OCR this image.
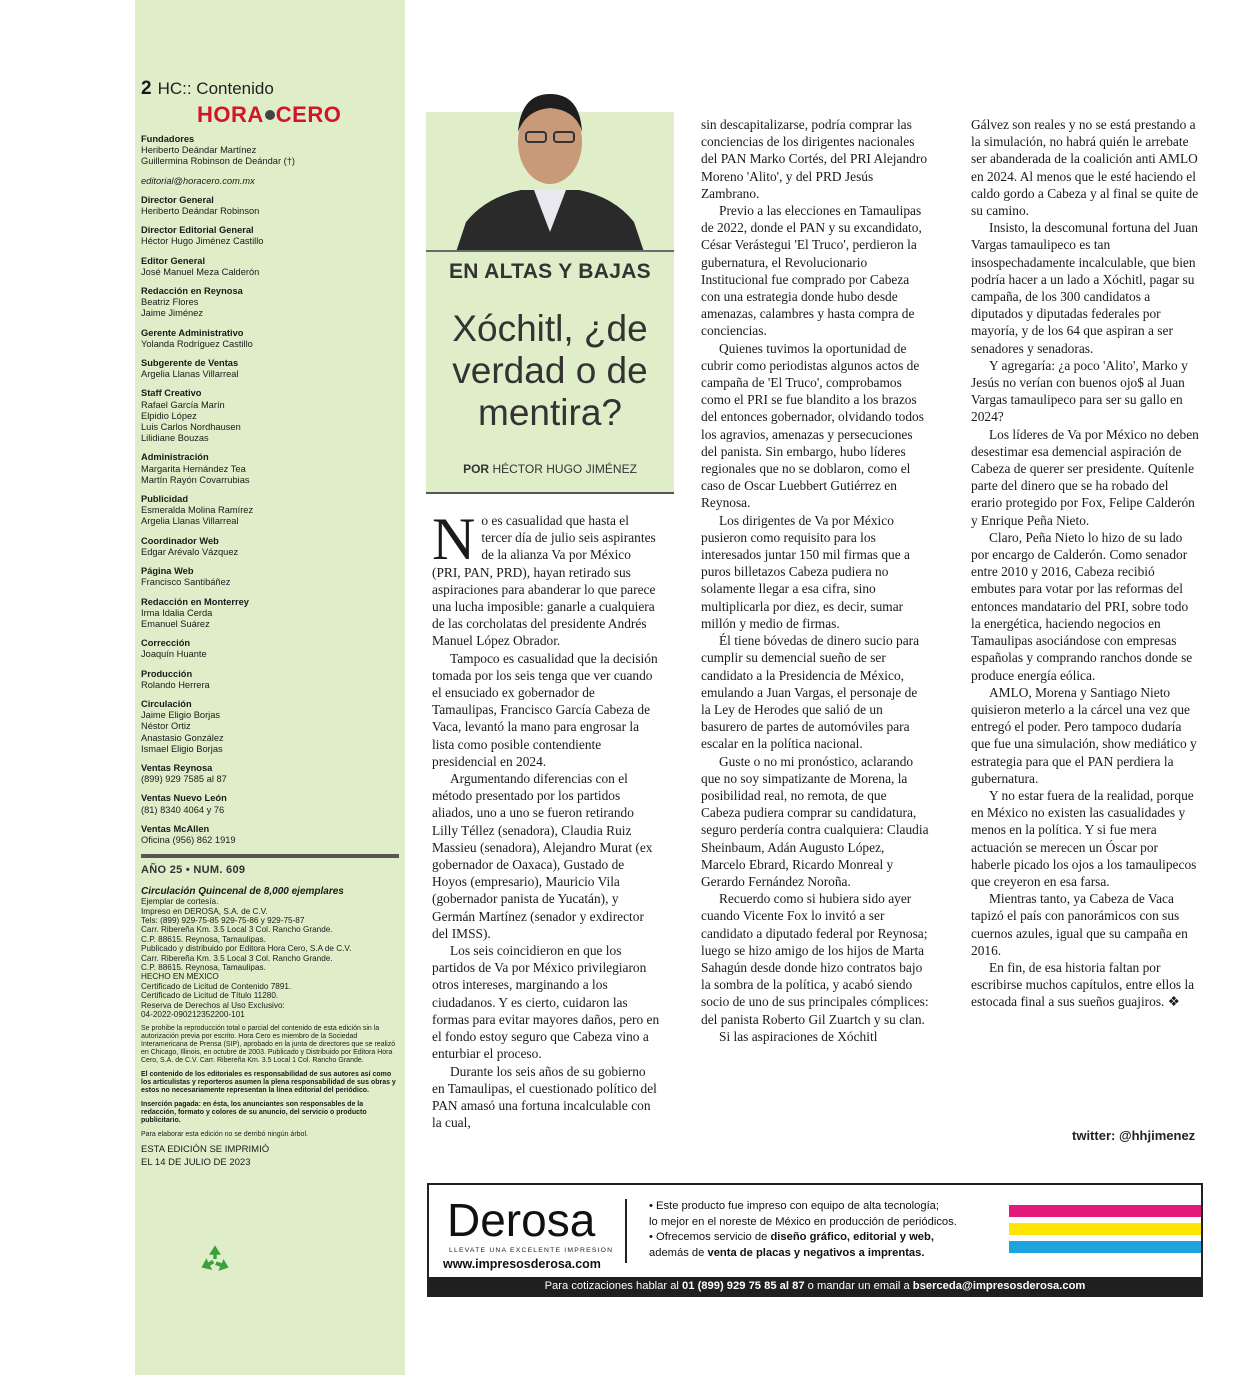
2 HC:: Contenido
HORA CERO
Fundadores
Heriberto Deándar Martínez
Guillermina Robinson de Deándar (†)
editorial@horacero.com.mx
Director General
Heriberto Deándar Robinson
Director Editorial General
Héctor Hugo Jiménez Castillo
Editor General
José Manuel Meza Calderón
Redacción en Reynosa
Beatriz Flores
Jaime Jiménez
Gerente Administrativo
Yolanda Rodríguez Castillo
Subgerente de Ventas
Argelia Llanas Villarreal
Staff Creativo
Rafael García Marín
Elpidio López
Luis Carlos Nordhausen
Lilidiane Bouzas
Administración
Margarita Hernández Tea
Martín Rayón Covarrubias
Publicidad
Esmeralda Molina Ramírez
Argelia Llanas Villarreal
Coordinador Web
Edgar Arévalo Vázquez
Página Web
Francisco Santibáñez
Redacción en Monterrey
Irma Idalia Cerda
Emanuel Suárez
Corrección
Joaquín Huante
Producción
Rolando Herrera
Circulación
Jaime Eligio Borjas
Néstor Ortiz
Anastasio González
Ismael Eligio Borjas
Ventas Reynosa
(899) 929 7585 al 87
Ventas Nuevo León
(81) 8340 4064 y 76
Ventas McAllen
Oficina (956) 862 1919
AÑO 25 • NUM. 609
Circulación Quincenal de 8,000 ejemplares
Ejemplar de cortesía.
Impreso en DEROSA, S.A. de C.V.
Tels: (899) 929-75-85 929-75-86 y 929-75-87
Carr. Ribereña Km. 3.5 Local 3 Col. Rancho Grande.
C.P. 88615. Reynosa, Tamaulipas.
Publicado y distribuido por Editora Hora Cero, S.A de C.V.
Carr. Ribereña Km. 3.5 Local 3 Col. Rancho Grande.
C.P. 88615. Reynosa, Tamaulipas.
HECHO EN MEXICO
Certificado de Licitud de Contenido 7891.
Certificado de Licitud de Título 11280.
Reserva de Derechos al Uso Exclusivo:
04-2022-090212352200-101
Se prohibe la reproducción total o parcial del contenido de esta edición sin la autorización previa por escrito. Hora Cero es miembro de la Sociedad Interamericana de Prensa (SIP), aprobado en la junta de directores que se realizó en Chicago, Illinois, en octubre de 2003. Publicado y Distribuido por Editora Hora Cero, S.A. de C.V. Carr. Ribereña Km. 3.5 Local 1 Col. Rancho Grande.
El contenido de los editoriales es responsabilidad de sus autores así como los articulistas y reporteros asumen la plena responsabilidad de sus obras y estos no necesariamente representan la línea editorial del periódico.
Inserción pagada: en ésta, los anunciantes son responsables de la redacción, formato y colores de su anuncio, del servicio o producto publicitario.
Para elaborar esta edición no se derribó ningún árbol.
ESTA EDICIÓN SE IMPRIMIÓ
EL 14 DE JULIO DE 2023
EN ALTAS Y BAJAS
Xóchitl, ¿de verdad o de mentira?
POR HÉCTOR HUGO JIMÉNEZ
N o es casualidad que hasta el tercer día de julio seis aspirantes de la alianza Va por México (PRI, PAN, PRD), hayan retirado sus aspiraciones para abanderar lo que parece una lucha imposible: ganarle a cualquiera de las corcholatas del presidente Andrés Manuel López Obrador.

Tampoco es casualidad que la decisión tomada por los seis tenga que ver cuando el ensuciado ex gobernador de Tamaulipas, Francisco García Cabeza de Vaca, levantó la mano para engrosar la lista como posible contendiente presidencial en 2024.

Argumentando diferencias con el método presentado por los partidos aliados, uno a uno se fueron retirando Lilly Téllez (senadora), Claudia Ruiz Massieu (senadora), Alejandro Murat (ex gobernador de Oaxaca), Gustado de Hoyos (empresario), Mauricio Vila (gobernador panista de Yucatán), y Germán Martínez (senador y exdirector del IMSS).

Los seis coincidieron en que los partidos de Va por México privilegiaron otros intereses, marginando a los ciudadanos. Y es cierto, cuidaron las formas para evitar mayores daños, pero en el fondo estoy seguro que Cabeza vino a enturbiar el proceso.

Durante los seis años de su gobierno en Tamaulipas, el cuestionado político del PAN amasó una fortuna incalculable con la cual,

sin descapitalizarse, podría comprar las conciencias de los dirigentes nacionales del PAN Marko Cortés, del PRI Alejandro Moreno 'Alito', y del PRD Jesús Zambrano.

Previo a las elecciones en Tamaulipas de 2022, donde el PAN y su excandidato, César Verástegui 'El Truco', perdieron la gubernatura, el Revolucionario Institucional fue comprado por Cabeza con una estrategia donde hubo desde amenazas, calambres y hasta compra de conciencias.

Quienes tuvimos la oportunidad de cubrir como periodistas algunos actos de campaña de 'El Truco', comprobamos como el PRI se fue blandito a los brazos del entonces gobernador, olvidando todos los agravios, amenazas y persecuciones del panista. Sin embargo, hubo líderes regionales que no se doblaron, como el caso de Oscar Luebbert Gutiérrez en Reynosa.

Los dirigentes de Va por México pusieron como requisito para los interesados juntar 150 mil firmas que a puros billetazos Cabeza pudiera no solamente llegar a esa cifra, sino multiplicarla por diez, es decir, sumar millón y medio de firmas.

Él tiene bóvedas de dinero sucio para cumplir su demencial sueño de ser candidato a la Presidencia de México, emulando a Juan Vargas, el personaje de la Ley de Herodes que salió de un basurero de partes de automóviles para escalar en la política nacional.

Guste o no mi pronóstico, aclarando que no soy simpatizante de Morena, la posibilidad real, no remota, de que Cabeza pudiera comprar su candidatura, seguro perdería contra cualquiera: Claudia Sheinbaum, Adán Augusto López, Marcelo Ebrard, Ricardo Monreal y Gerardo Fernández Noroña.

Recuerdo como si hubiera sido ayer cuando Vicente Fox lo invitó a ser candidato a diputado federal por Reynosa; luego se hizo amigo de los hijos de Marta Sahagún desde donde hizo contratos bajo la sombra de la política, y acabó siendo socio de uno de sus principales cómplices: del panista Roberto Gil Zuartch y su clan.

Si las aspiraciones de Xóchitl

Gálvez son reales y no se está prestando a la simulación, no habrá quién le arrebate ser abanderada de la coalición anti AMLO en 2024. Al menos que le esté haciendo el caldo gordo a Cabeza y al final se quite de su camino.

Insisto, la descomunal fortuna del Juan Vargas tamaulipeco es tan insospechadamente incalculable, que bien podría hacer a un lado a Xóchitl, pagar su campaña, de los 300 candidatos a diputados y diputadas federales por mayoría, y de los 64 que aspiran a ser senadores y senadoras.

Y agregaría: ¿a poco 'Alito', Marko y Jesús no verían con buenos ojo$ al Juan Vargas tamaulipeco para ser su gallo en 2024?

Los líderes de Va por México no deben desestimar esa demencial aspiración de Cabeza de querer ser presidente. Quítenle parte del dinero que se ha robado del erario protegido por Fox, Felipe Calderón y Enrique Peña Nieto.

Claro, Peña Nieto lo hizo de su lado por encargo de Calderón. Como senador entre 2010 y 2016, Cabeza recibió embutes para votar por las reformas del entonces mandatario del PRI, sobre todo la energética, haciendo negocios en Tamaulipas asociándose con empresas españolas y comprando ranchos donde se produce energía eólica.

AMLO, Morena y Santiago Nieto quisieron meterlo a la cárcel una vez que entregó el poder. Pero tampoco dudaría que fue una simulación, show mediático y estrategia para que el PAN perdiera la gubernatura.

Y no estar fuera de la realidad, porque en México no existen las casualidades y menos en la política. Y si fue mera actuación se merecen un Óscar por haberle picado los ojos a los tamaulipecos que creyeron en esa farsa.

Mientras tanto, ya Cabeza de Vaca tapizó el país con panorámicos con sus cuernos azules, igual que su campaña en 2016.

En fin, de esa historia faltan por escribirse muchos capítulos, entre ellos la estocada final a sus sueños guajiros. ❖

twitter: @hhjimenez
Derosa
LLEVATE UNA EXCELENTE IMPRESION
www.impresosderosa.com
• Este producto fue impreso con equipo de alta tecnología;
lo mejor en el noreste de México en producción de periódicos.
• Ofrecemos servicio de diseño gráfico, editorial y web,
además de venta de placas y negativos a imprentas.
Para cotizaciones hablar al 01 (899) 929 75 85 al 87 o mandar un email a bserceda@impresosderosa.com
